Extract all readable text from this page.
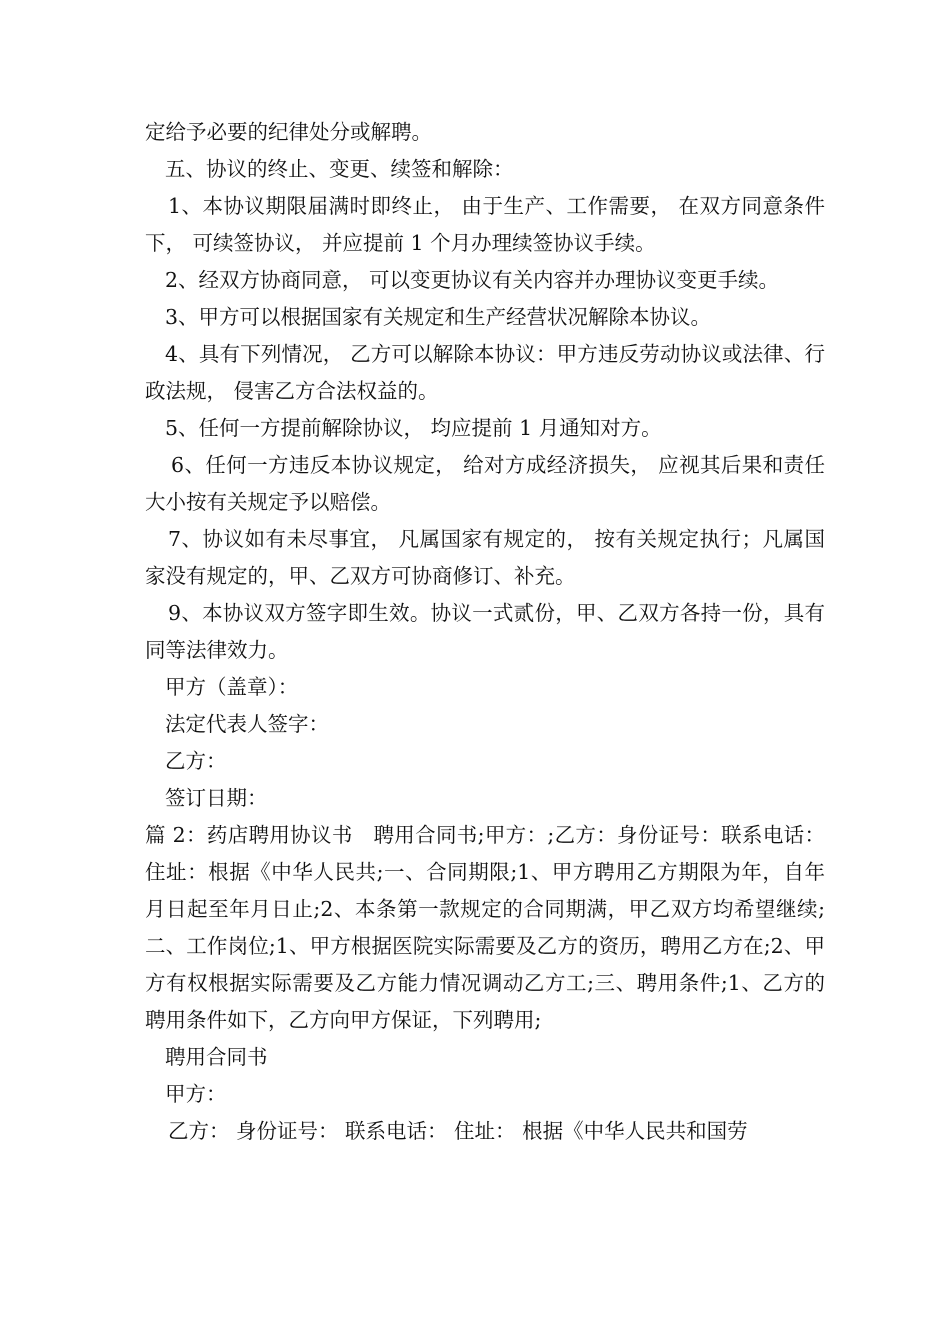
定给予必要的纪律处分或解聘。

五、协议的终止、变更、续签和解除：

1、本协议期限届满时即终止， 由于生产、工作需要， 在双方同意条件下， 可续签协议， 并应提前 1 个月办理续签协议手续。

2、经双方协商同意， 可以变更协议有关内容并办理协议变更手续。

3、甲方可以根据国家有关规定和生产经营状况解除本协议。

4、具有下列情况， 乙方可以解除本协议：甲方违反劳动协议或法律、行政法规， 侵害乙方合法权益的。

5、任何一方提前解除协议， 均应提前 1 月通知对方。

6、任何一方违反本协议规定， 给对方成经济损失， 应视其后果和责任大小按有关规定予以赔偿。

7、协议如有未尽事宜， 凡属国家有规定的， 按有关规定执行；凡属国家没有规定的，甲、乙双方可协商修订、补充。

9、本协议双方签字即生效。协议一式贰份，甲、乙双方各持一份，具有同等法律效力。

甲方（盖章）：

法定代表人签字：

乙方：

签订日期：

篇 2：药店聘用协议书　聘用合同书;甲方：;乙方：身份证号：联系电话：住址：根据《中华人民共;一、合同期限;1、甲方聘用乙方期限为年，自年月日起至年月日止;2、本条第一款规定的合同期满，甲乙双方均希望继续;二、工作岗位;1、甲方根据医院实际需要及乙方的资历，聘用乙方在;2、甲方有权根据实际需要及乙方能力情况调动乙方工;三、聘用条件;1、乙方的聘用条件如下，乙方向甲方保证，下列聘用;

聘用合同书

甲方：

乙方： 身份证号： 联系电话： 住址： 根据《中华人民共和国劳
